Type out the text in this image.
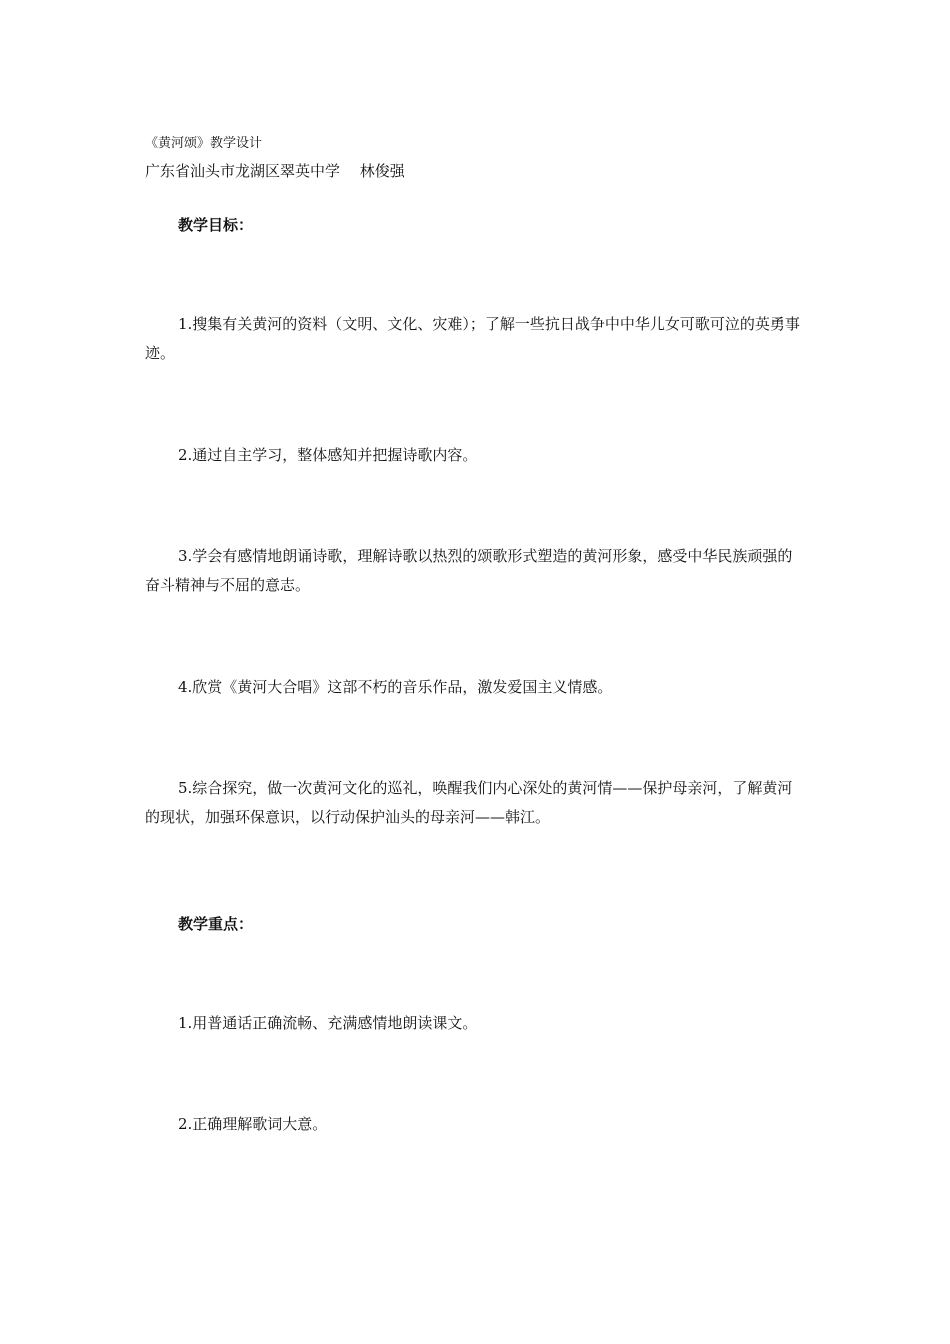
《黄河颂》教学设计
广东省汕头市龙湖区翠英中学　 林俊强
教学目标：
1.搜集有关黄河的资料（文明、文化、灾难）；了解一些抗日战争中中华儿女可歌可泣的英勇事迹。
2.通过自主学习，整体感知并把握诗歌内容。
3.学会有感情地朗诵诗歌，理解诗歌以热烈的颂歌形式塑造的黄河形象，感受中华民族顽强的奋斗精神与不屈的意志。
4.欣赏《黄河大合唱》这部不朽的音乐作品，激发爱国主义情感。
5.综合探究，做一次黄河文化的巡礼，唤醒我们内心深处的黄河情——保护母亲河，了解黄河的现状，加强环保意识，以行动保护汕头的母亲河——韩江。
教学重点：
1.用普通话正确流畅、充满感情地朗读课文。
2.正确理解歌词大意。
